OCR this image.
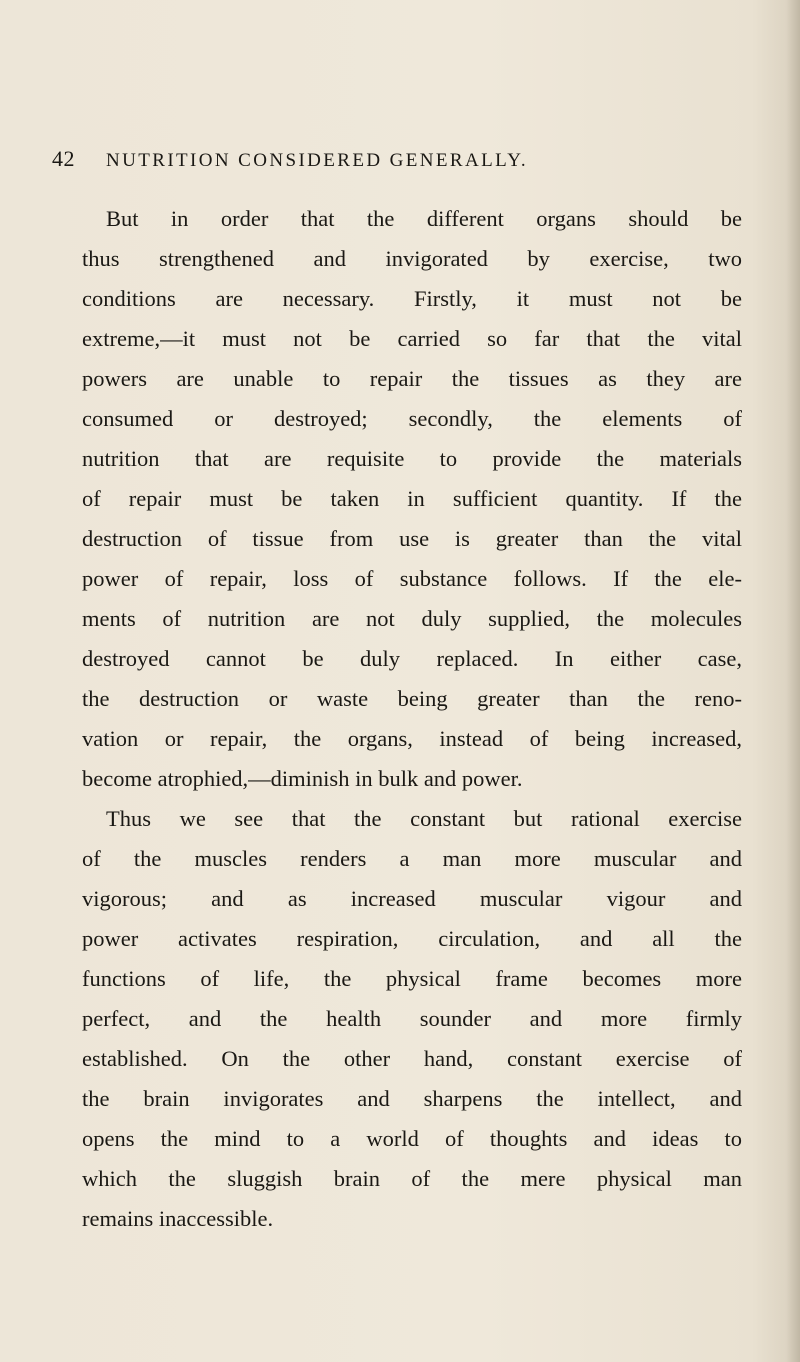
42 NUTRITION CONSIDERED GENERALLY.
But in order that the different organs should be
thus strengthened and invigorated by exercise, two
conditions are necessary. Firstly, it must not be
extreme,—it must not be carried so far that the vital
powers are unable to repair the tissues as they are
consumed or destroyed; secondly, the elements of
nutrition that are requisite to provide the materials
of repair must be taken in sufficient quantity. If the
destruction of tissue from use is greater than the vital
power of repair, loss of substance follows. If the ele-
ments of nutrition are not duly supplied, the molecules
destroyed cannot be duly replaced. In either case,
the destruction or waste being greater than the reno-
vation or repair, the organs, instead of being increased,
become atrophied,—diminish in bulk and power.
Thus we see that the constant but rational exercise
of the muscles renders a man more muscular and
vigorous; and as increased muscular vigour and
power activates respiration, circulation, and all the
functions of life, the physical frame becomes more
perfect, and the health sounder and more firmly
established. On the other hand, constant exercise of
the brain invigorates and sharpens the intellect, and
opens the mind to a world of thoughts and ideas to
which the sluggish brain of the mere physical man
remains inaccessible.
